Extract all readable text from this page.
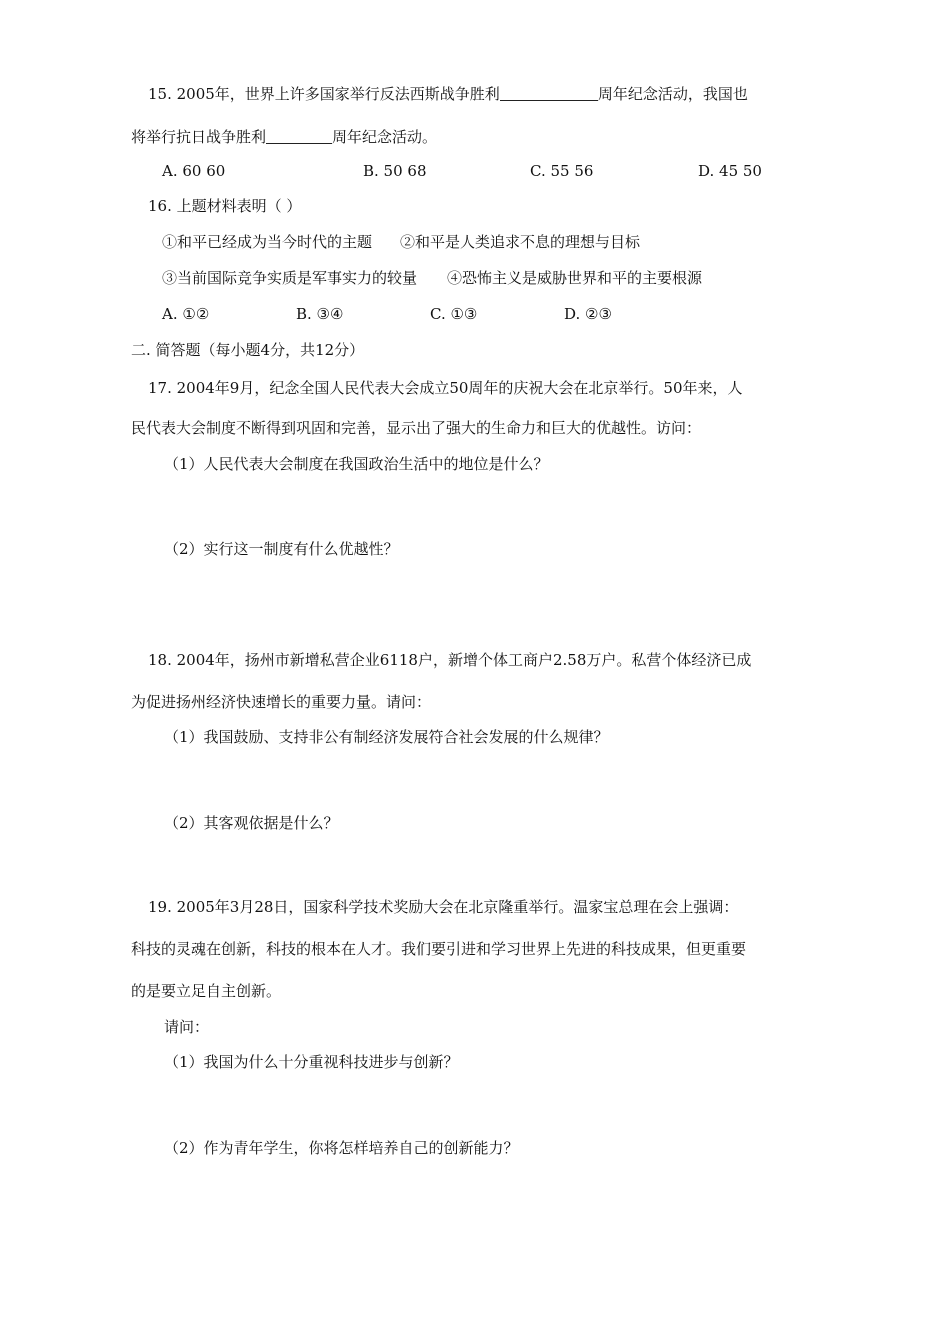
15. 2005年，世界上许多国家举行反法西斯战争胜利	周年纪念活动，我国也
将举行抗日战争胜利	周年纪念活动。
A. 60 60	B. 50 68	C. 55 56	D. 45 50
16. 上题材料表明（ ）
①和平已经成为当今时代的主题 ②和平是人类追求不息的理想与目标
③当前国际竞争实质是军事实力的较量 ④恐怖主义是威胁世界和平的主要根源
A. ①②	B. ③④	C. ①③	D. ②③
二. 简答题（每小题4分，共12分）
17. 2004年9月，纪念全国人民代表大会成立50周年的庆祝大会在北京举行。50年来，人
民代表大会制度不断得到巩固和完善，显示出了强大的生命力和巨大的优越性。访问：
（1）人民代表大会制度在我国政治生活中的地位是什么？
（2）实行这一制度有什么优越性？
18. 2004年，扬州市新增私营企业6118户，新增个体工商户2.58万户。私营个体经济已成
为促进扬州经济快速增长的重要力量。请问：
（1）我国鼓励、支持非公有制经济发展符合社会发展的什么规律？
（2）其客观依据是什么？
19. 2005年3月28日，国家科学技术奖励大会在北京隆重举行。温家宝总理在会上强调：
科技的灵魂在创新，科技的根本在人才。我们要引进和学习世界上先进的科技成果，但更重要
的是要立足自主创新。
请问：
（1）我国为什么十分重视科技进步与创新？
（2）作为青年学生，你将怎样培养自己的创新能力？
